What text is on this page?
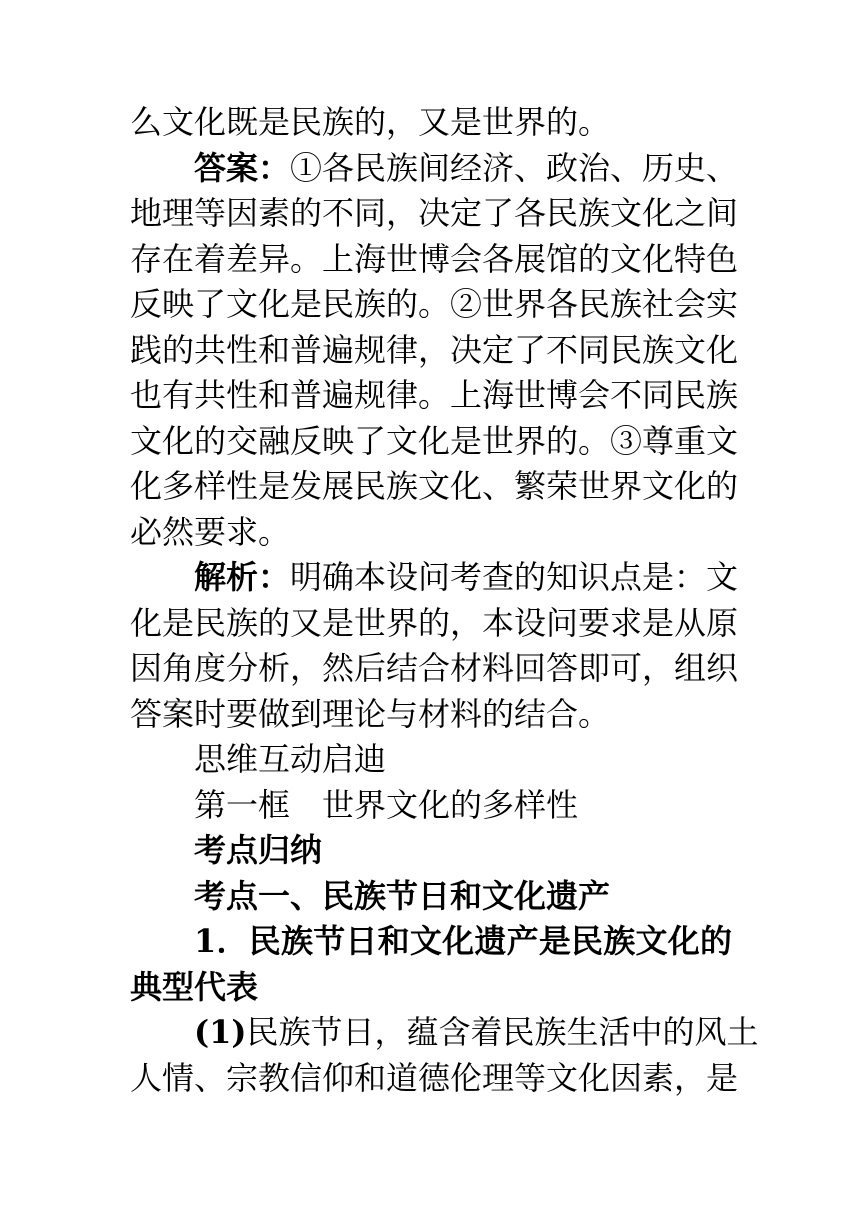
么文化既是民族的，又是世界的。
答案：①各民族间经济、政治、历史、
地理等因素的不同，决定了各民族文化之间
存在着差异。上海世博会各展馆的文化特色
反映了文化是民族的。②世界各民族社会实
践的共性和普遍规律，决定了不同民族文化
也有共性和普遍规律。上海世博会不同民族
文化的交融反映了文化是世界的。③尊重文
化多样性是发展民族文化、繁荣世界文化的
必然要求。
解析：明确本设问考查的知识点是：文
化是民族的又是世界的，本设问要求是从原
因角度分析，然后结合材料回答即可，组织
答案时要做到理论与材料的结合。
思维互动启迪
第一框　世界文化的多样性
考点归纳
考点一、民族节日和文化遗产
1．民族节日和文化遗产是民族文化的
典型代表
(1)民族节日，蕴含着民族生活中的风土
人情、宗教信仰和道德伦理等文化因素，是
